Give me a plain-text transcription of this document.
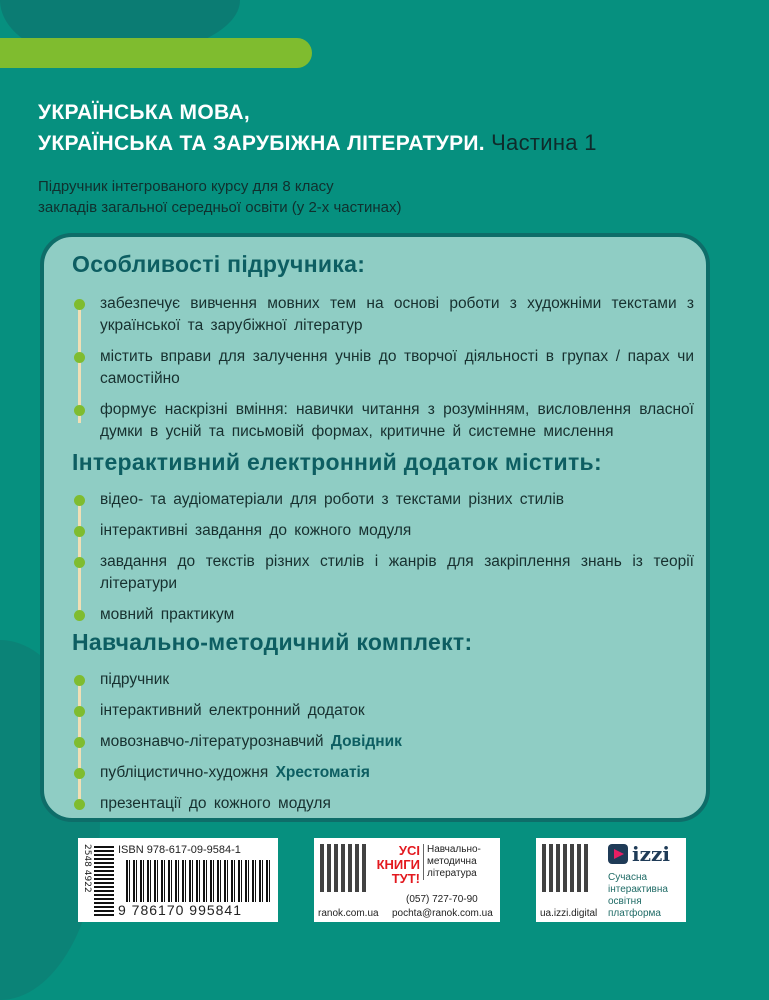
УКРАЇНСЬКА МОВА,
УКРАЇНСЬКА ТА ЗАРУБІЖНА ЛІТЕРАТУРИ. Частина 1
Підручник інтегрованого курсу для 8 класу
закладів загальної середньої освіти (у 2-х частинах)
Особливості підручника:
забезпечує вивчення мовних тем на основі роботи з художніми текстами з української та зарубіжної літератур
містить вправи для залучення учнів до творчої діяльності в групах / парах чи самостійно
формує наскрізні вміння: навички читання з розумінням, висловлення власної думки в усній та письмовій формах, критичне й системне мислення
Інтерактивний електронний додаток містить:
відео- та аудіоматеріали для роботи з текстами різних стилів
інтерактивні завдання до кожного модуля
завдання до текстів різних стилів і жанрів для закріплення знань із теорії літератури
мовний практикум
Навчально-методичний комплект:
підручник
інтерактивний електронний додаток
мовознавчо-літературознавчий Довідник
публіцистично-художня Хрестоматія
презентації до кожного модуля
2548 4922 ISBN 978-617-09-9584-1
9 786170 995841
УСІ
КНИГИ
ТУТ!
Навчально-методична література
(057) 727-70-90
ranok.com.ua pochta@ranok.com.ua
izzi
Сучасна інтерактивна освітня платформа
ua.izzi.digital
